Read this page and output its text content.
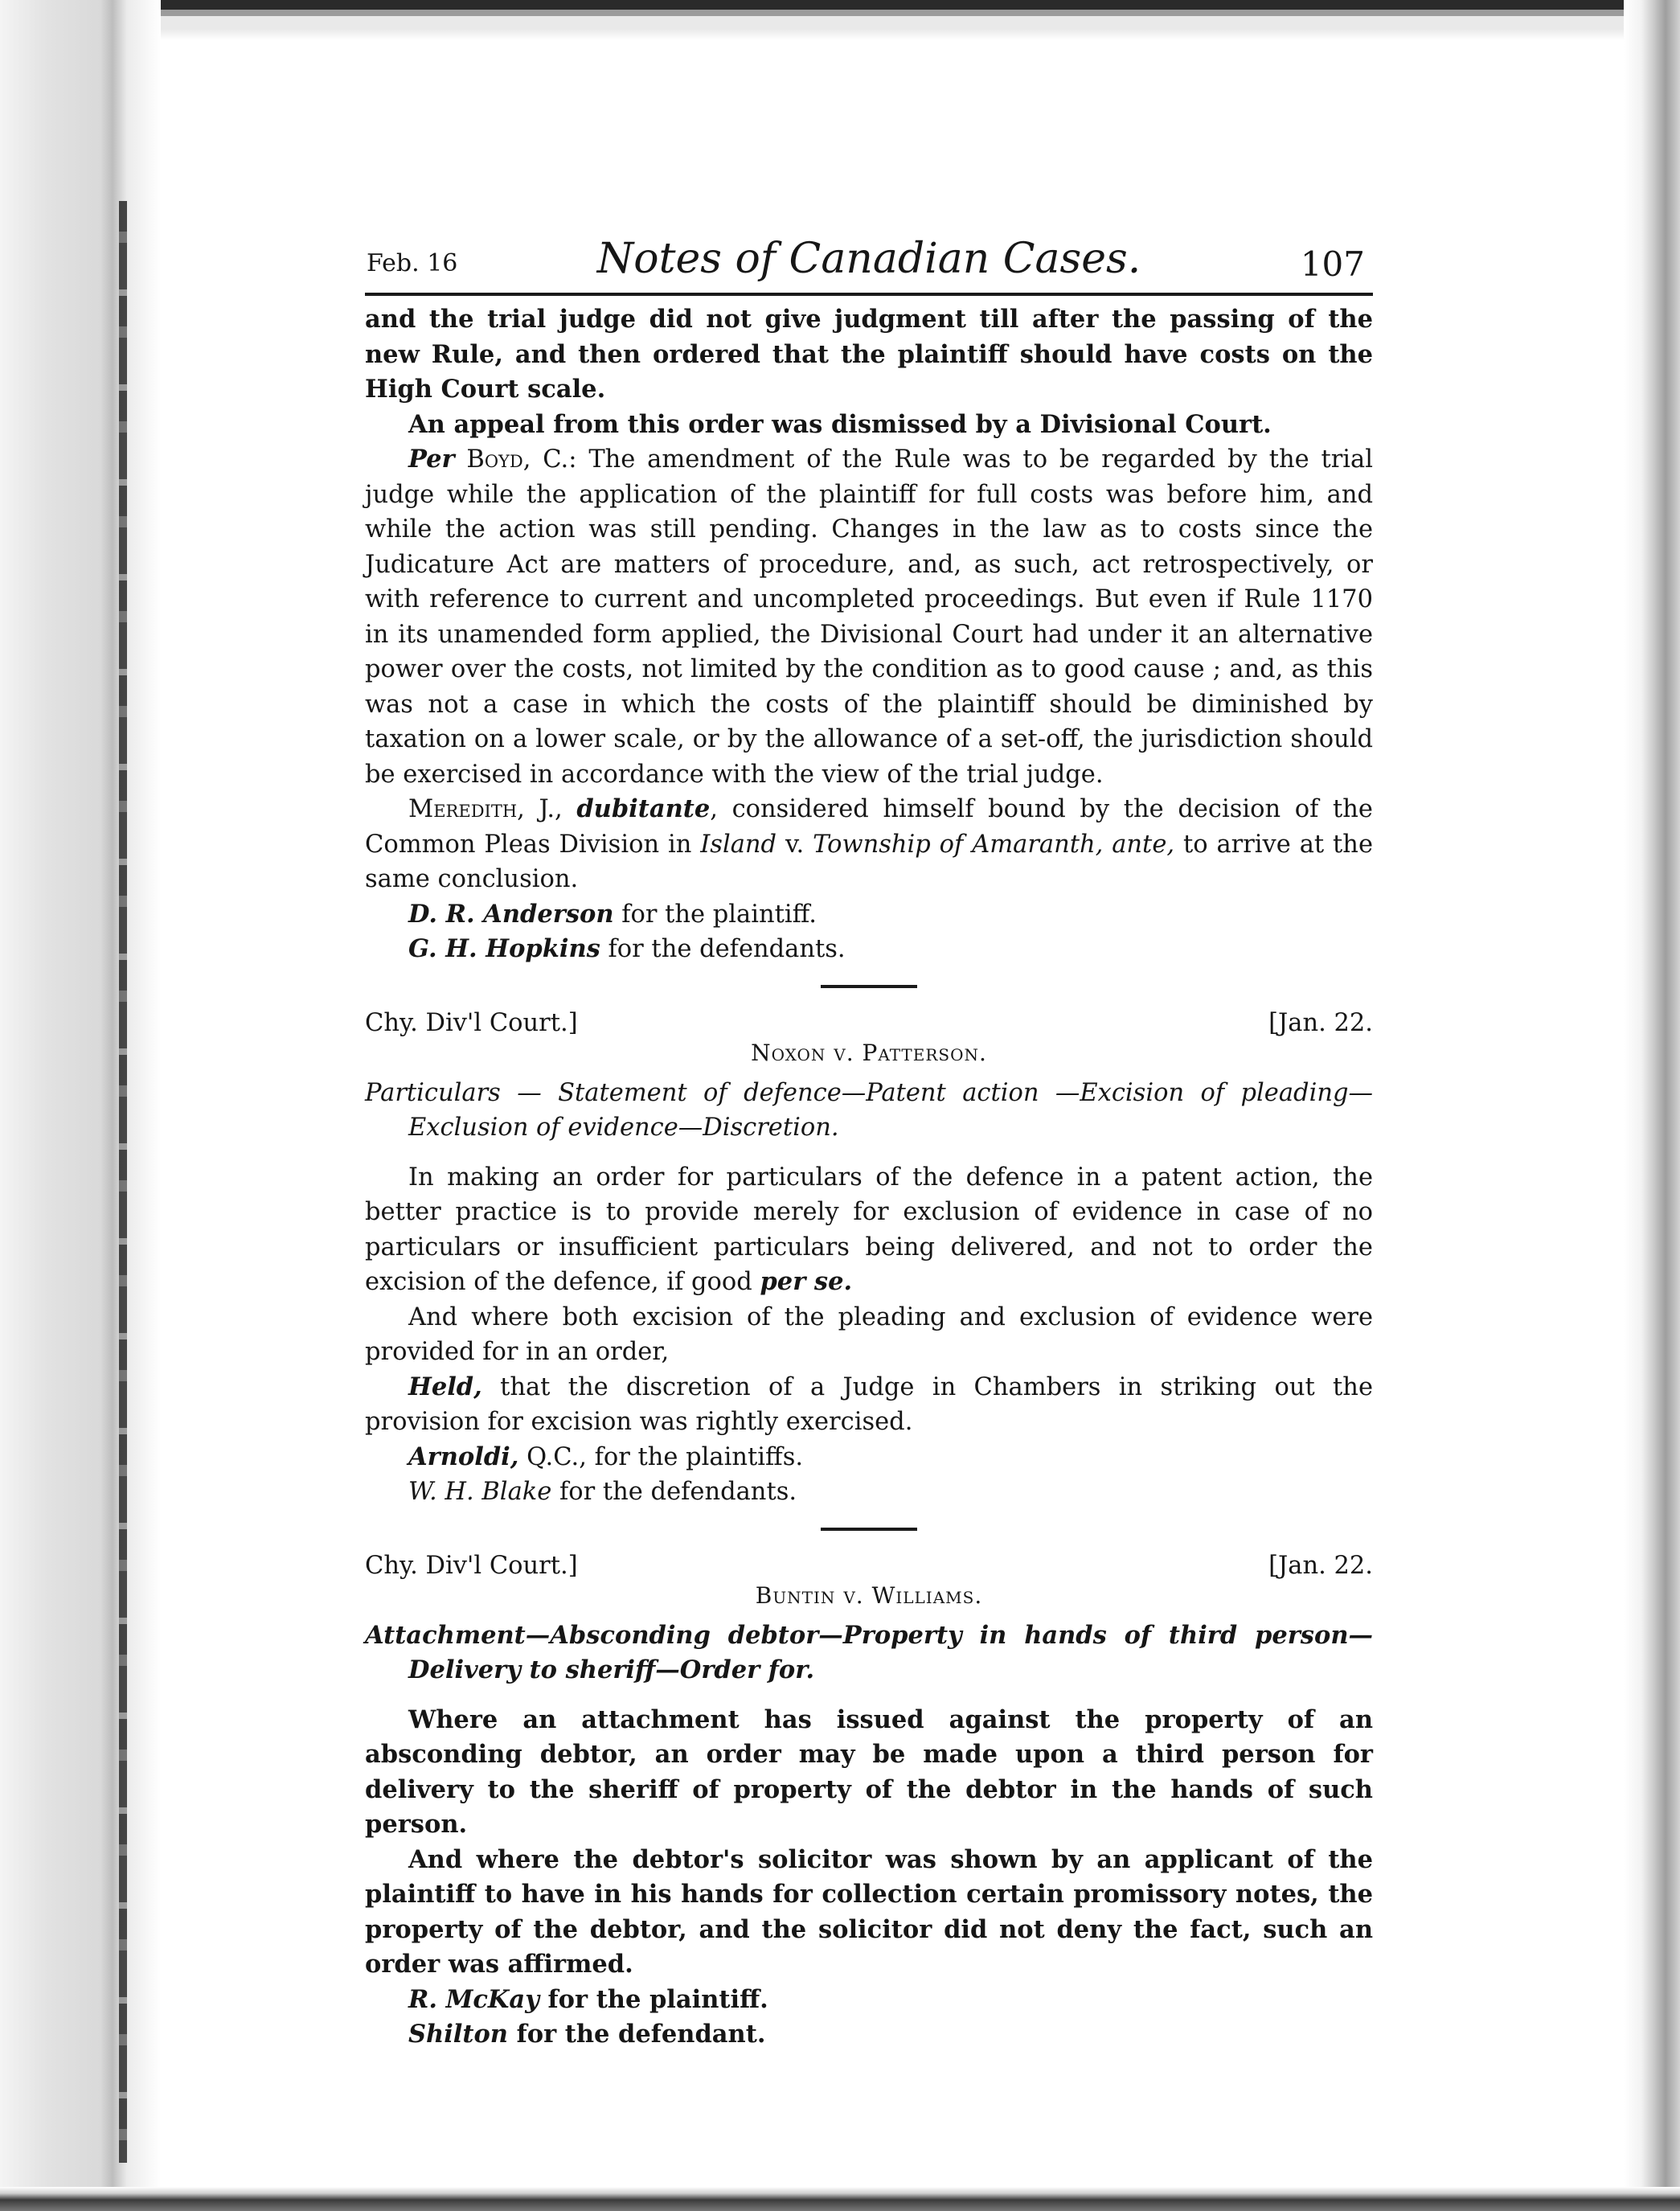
Feb. 16	Notes of Canadian Cases.	107

and the trial judge did not give judgment till after the passing of the new Rule, and then ordered that the plaintiff should have costs on the High Court scale.

An appeal from this order was dismissed by a Divisional Court.

Per Boyd, C.: The amendment of the Rule was to be regarded by the trial judge while the application of the plaintiff for full costs was before him, and while the action was still pending. Changes in the law as to costs since the Judicature Act are matters of procedure, and, as such, act retrospectively, or with reference to current and uncompleted proceedings. But even if Rule 1170 in its unamended form applied, the Divisional Court had under it an alternative power over the costs, not limited by the condition as to good cause ; and, as this was not a case in which the costs of the plaintiff should be diminished by taxation on a lower scale, or by the allowance of a set-off, the jurisdiction should be exercised in accordance with the view of the trial judge.

Meredith, J., dubitante, considered himself bound by the decision of the Common Pleas Division in Island v. Township of Amaranth, ante, to arrive at the same conclusion.

D. R. Anderson for the plaintiff.

G. H. Hopkins for the defendants.

Chy. Div'l Court.]	[Jan. 22.
Noxon v. Patterson.

Particulars — Statement of defence—Patent action —Excision of pleading—Exclusion of evidence—Discretion.

In making an order for particulars of the defence in a patent action, the better practice is to provide merely for exclusion of evidence in case of no particulars or insufficient particulars being delivered, and not to order the excision of the defence, if good per se.

And where both excision of the pleading and exclusion of evidence were provided for in an order,

Held, that the discretion of a Judge in Chambers in striking out the provision for excision was rightly exercised.

Arnoldi, Q.C., for the plaintiffs.

W. H. Blake for the defendants.

Chy. Div'l Court.]	[Jan. 22.
Buntin v. Williams.

Attachment—Absconding debtor—Property in hands of third person—Delivery to sheriff—Order for.

Where an attachment has issued against the property of an absconding debtor, an order may be made upon a third person for delivery to the sheriff of property of the debtor in the hands of such person.

And where the debtor's solicitor was shown by an applicant of the plaintiff to have in his hands for collection certain promissory notes, the property of the debtor, and the solicitor did not deny the fact, such an order was affirmed.

R. McKay for the plaintiff.

Shilton for the defendant.
